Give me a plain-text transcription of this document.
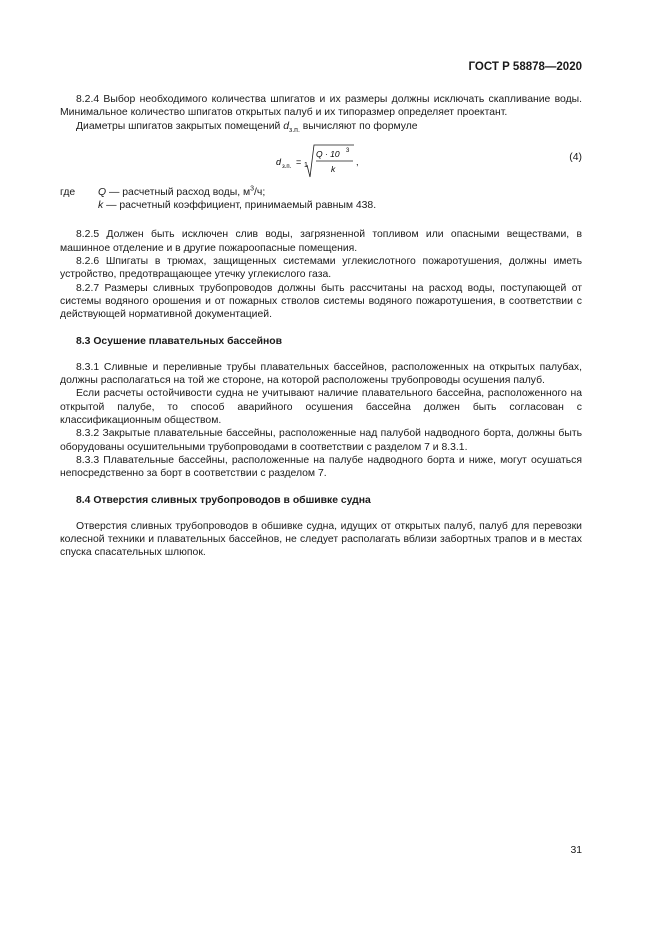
ГОСТ Р 58878—2020

8.2.4 Выбор необходимого количества шпигатов и их размеры должны исключать скапливание воды. Минимальное количество шпигатов открытых палуб и их типоразмер определяет проектант.

Диаметры шпигатов закрытых помещений $d_{з.п.}$ вычисляют по формуле

d з.п. = 1
Q · 10 3
k
,	(4)
где Q — расчетный расход воды, $м^3/ч$;
k — расчетный коэффициент, принимаемый равным 438.

8.2.5 Должен быть исключен слив воды, загрязненной топливом или опасными веществами, в машинное отделение и в другие пожароопасные помещения.

8.2.6 Шпигаты в трюмах, защищенных системами углекислотного пожаротушения, должны иметь устройство, предотвращающее утечку углекислого газа.

8.2.7 Размеры сливных трубопроводов должны быть рассчитаны на расход воды, поступающей от системы водяного орошения и от пожарных стволов системы водяного пожаротушения, в соответствии с действующей нормативной документацией.

8.3 Осушение плавательных бассейнов

8.3.1 Сливные и переливные трубы плавательных бассейнов, расположенных на открытых палубах, должны располагаться на той же стороне, на которой расположены трубопроводы осушения палуб.

Если расчеты остойчивости судна не учитывают наличие плавательного бассейна, расположенного на открытой палубе, то способ аварийного осушения бассейна должен быть согласован с классификационным обществом.

8.3.2 Закрытые плавательные бассейны, расположенные над палубой надводного борта, должны быть оборудованы осушительными трубопроводами в соответствии с разделом 7 и 8.3.1.

8.3.3 Плавательные бассейны, расположенные на палубе надводного борта и ниже, могут осушаться непосредственно за борт в соответствии с разделом 7.

8.4 Отверстия сливных трубопроводов в обшивке судна

Отверстия сливных трубопроводов в обшивке судна, идущих от открытых палуб, палуб для перевозки колесной техники и плавательных бассейнов, не следует располагать вблизи забортных трапов и в местах спуска спасательных шлюпок.

31
